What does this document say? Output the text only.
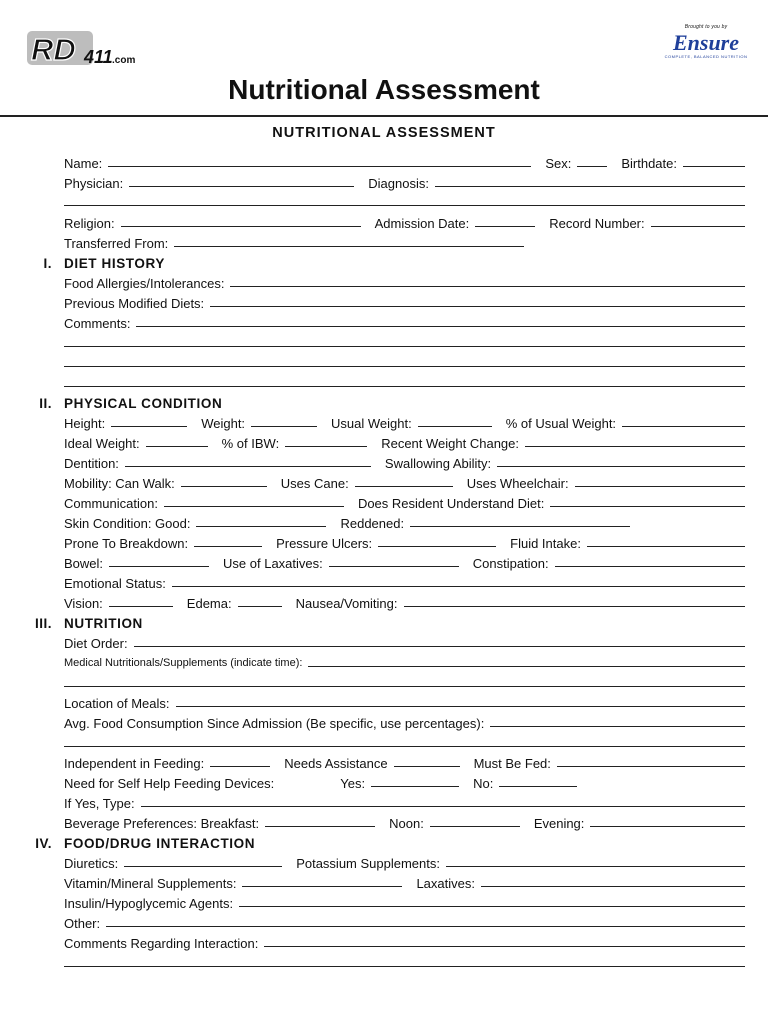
RD 411 .com
Brought to you by
Ensure
COMPLETE, BALANCED NUTRITION
Nutritional Assessment
NUTRITIONAL ASSESSMENT
Name:	Sex:	Birthdate:
Physician:	Diagnosis:
Religion:	Admission Date:	Record Number:
Transferred From:
I. DIET HISTORY
Food Allergies/Intolerances:
Previous Modified Diets:
Comments:
II. PHYSICAL CONDITION
Height:	Weight:	Usual Weight:	% of Usual Weight:
Ideal Weight:	% of IBW:	Recent Weight Change:
Dentition:	Swallowing Ability:
Mobility: Can Walk:	Uses Cane:	Uses Wheelchair:
Communication:	Does Resident Understand Diet:
Skin Condition: Good:	Reddened:
Prone To Breakdown:	Pressure Ulcers:	Fluid Intake:
Bowel:	Use of Laxatives:	Constipation:
Emotional Status:
Vision:	Edema:	Nausea/Vomiting:
III. NUTRITION
Diet Order:
Medical Nutritionals/Supplements (indicate time):
Location of Meals:
Avg. Food Consumption Since Admission (Be specific, use percentages):
Independent in Feeding:	Needs Assistance	Must Be Fed:
Need for Self Help Feeding Devices:	Yes:	No:
If Yes, Type:
Beverage Preferences: Breakfast:	Noon:	Evening:
IV. FOOD/DRUG INTERACTION
Diuretics:	Potassium Supplements:
Vitamin/Mineral Supplements:	Laxatives:
Insulin/Hypoglycemic Agents:
Other:
Comments Regarding Interaction:
